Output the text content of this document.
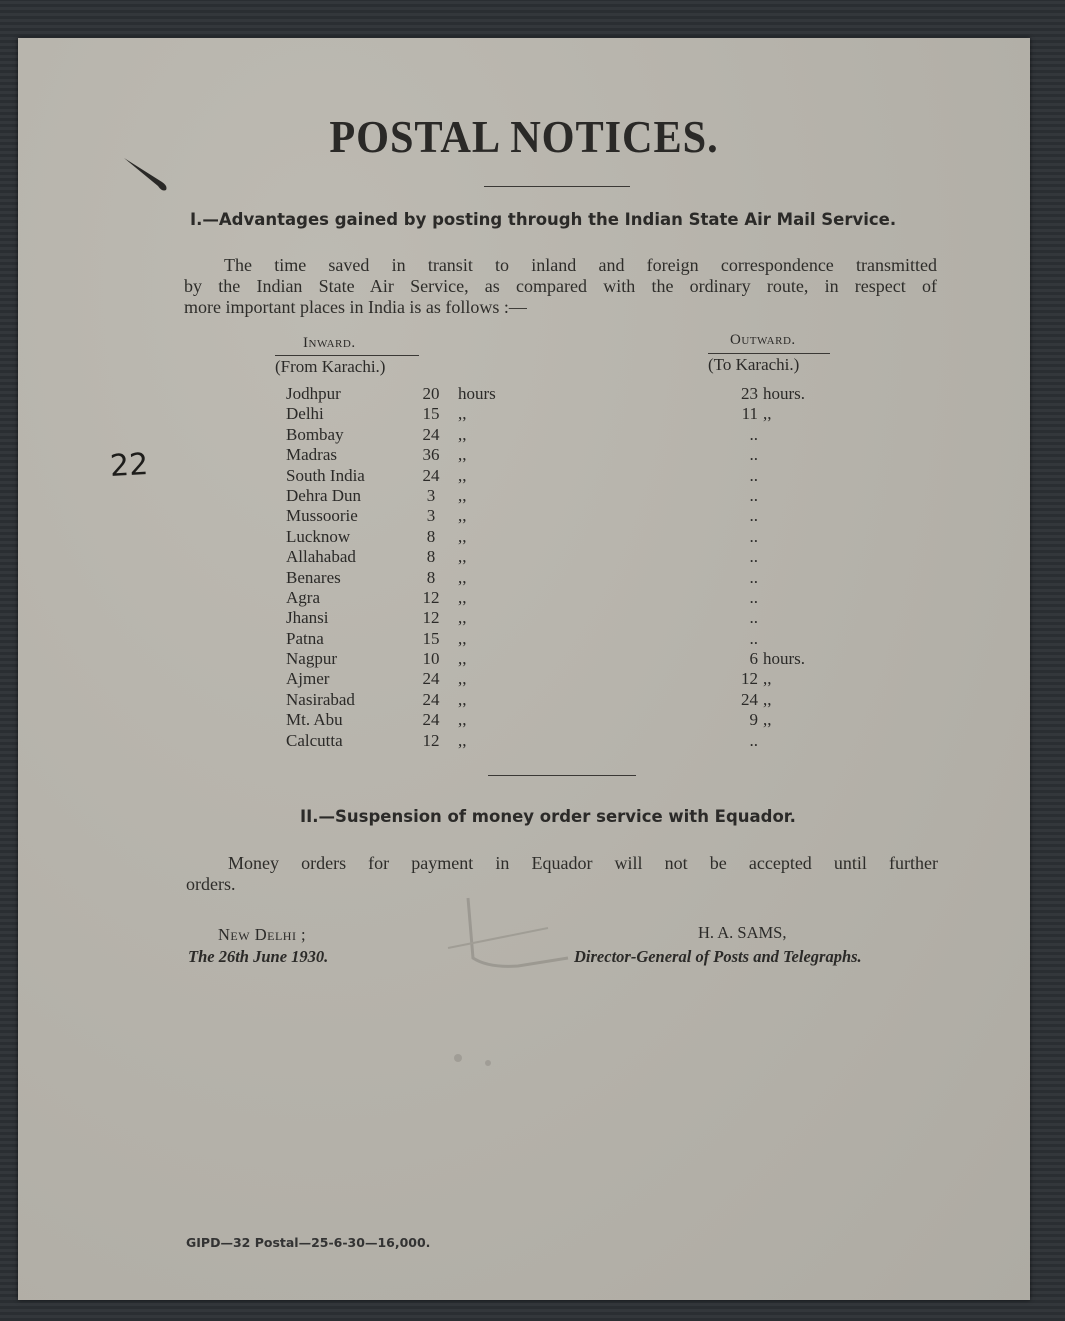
POSTAL NOTICES.
I.—Advantages gained by posting through the Indian State Air Mail Service.
The time saved in transit to inland and foreign correspondence transmitted
by the Indian State Air Service, as compared with the ordinary route, in respect of
more important places in India is as follows :—
Inward.
(From Karachi.)
Outward.
(To Karachi.)
Jodhpur	20	hours	23 hours.
Delhi	15	,,	11 ,,
Bombay	24	,,	..
Madras	36	,,	..
South India	24	,,	..
Dehra Dun	3	,,	..
Mussoorie	3	,,	..
Lucknow	8	,,	..
Allahabad	8	,,	..
Benares	8	,,	..
Agra	12	,,	..
Jhansi	12	,,	..
Patna	15	,,	..
Nagpur	10	,,	6 hours.
Ajmer	24	,,	12 ,,
Nasirabad	24	,,	24 ,,
Mt. Abu	24	,,	9 ,,
Calcutta	12	,,	..
II.—Suspension of money order service with Equador.
Money orders for payment in Equador will not be accepted until further
orders.
New Delhi ;
The 26th June 1930.
H. A. SAMS,
Director-General of Posts and Telegraphs.
22
GIPD—32 Postal—25-6-30—16,000.
